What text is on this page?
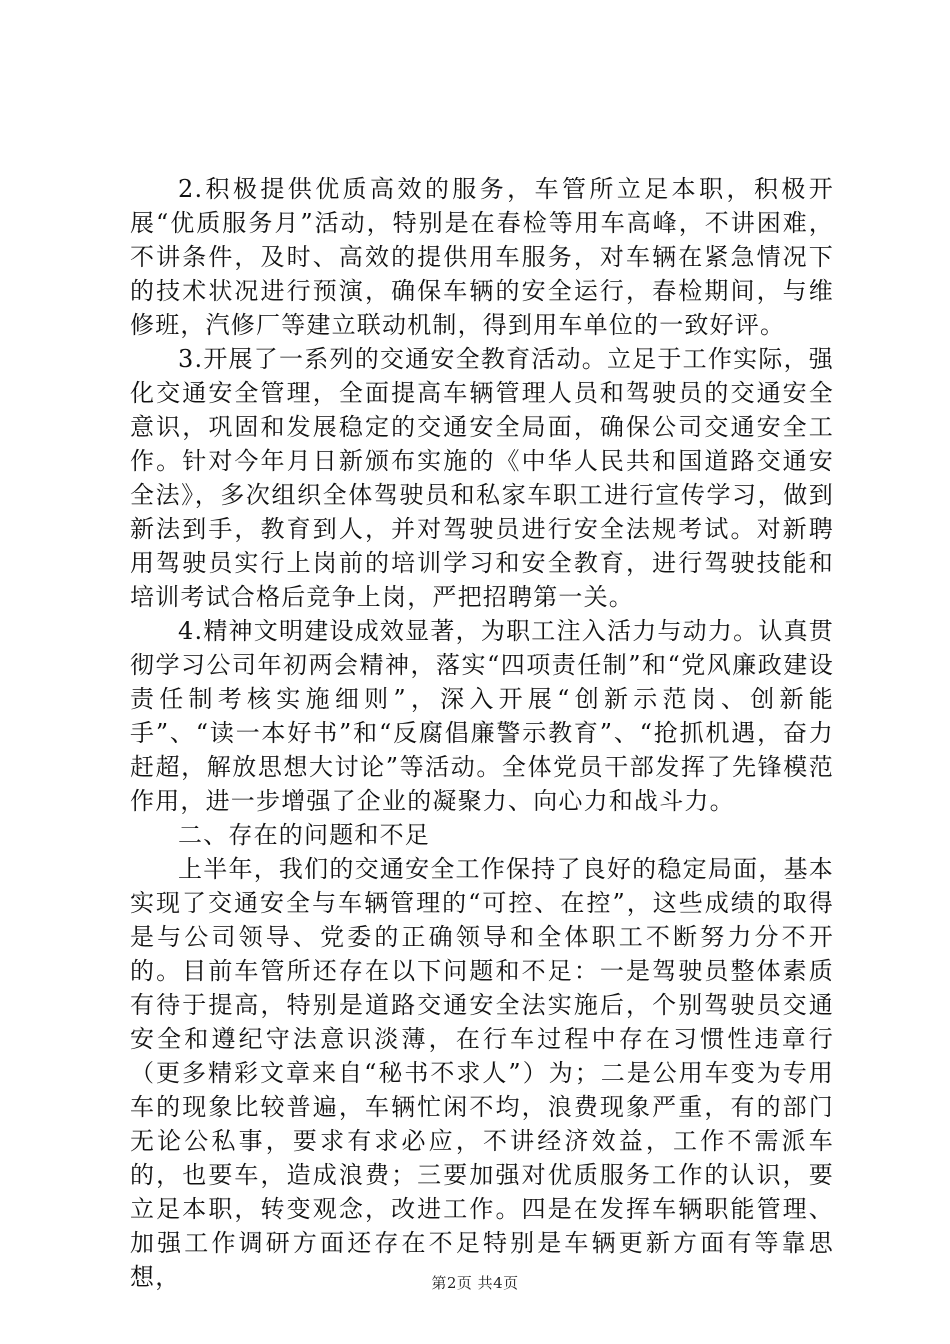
2.积极提供优质高效的服务，车管所立足本职，积极开展“优质服务月”活动，特别是在春检等用车高峰，不讲困难，不讲条件，及时、高效的提供用车服务，对车辆在紧急情况下的技术状况进行预演，确保车辆的安全运行，春检期间，与维修班，汽修厂等建立联动机制，得到用车单位的一致好评。

3.开展了一系列的交通安全教育活动。立足于工作实际，强化交通安全管理，全面提高车辆管理人员和驾驶员的交通安全意识，巩固和发展稳定的交通安全局面，确保公司交通安全工作。针对今年月日新颁布实施的《中华人民共和国道路交通安全法》，多次组织全体驾驶员和私家车职工进行宣传学习，做到新法到手，教育到人，并对驾驶员进行安全法规考试。对新聘用驾驶员实行上岗前的培训学习和安全教育，进行驾驶技能和培训考试合格后竞争上岗，严把招聘第一关。

4.精神文明建设成效显著，为职工注入活力与动力。认真贯彻学习公司年初两会精神，落实“四项责任制”和“党风廉政建设责任制考核实施细则”，深入开展“创新示范岗、创新能手”、“读一本好书”和“反腐倡廉警示教育”、“抢抓机遇，奋力赶超，解放思想大讨论”等活动。全体党员干部发挥了先锋模范作用，进一步增强了企业的凝聚力、向心力和战斗力。

二、存在的问题和不足

上半年，我们的交通安全工作保持了良好的稳定局面，基本实现了交通安全与车辆管理的“可控、在控”，这些成绩的取得是与公司领导、党委的正确领导和全体职工不断努力分不开的。目前车管所还存在以下问题和不足：一是驾驶员整体素质有待于提高，特别是道路交通安全法实施后，个别驾驶员交通安全和遵纪守法意识淡薄，在行车过程中存在习惯性违章行（更多精彩文章来自“秘书不求人”）为；二是公用车变为专用车的现象比较普遍，车辆忙闲不均，浪费现象严重，有的部门无论公私事，要求有求必应，不讲经济效益，工作不需派车的，也要车，造成浪费；三要加强对优质服务工作的认识，要立足本职，转变观念，改进工作。四是在发挥车辆职能管理、加强工作调研方面还存在不足特别是车辆更新方面有等靠思想，	第2页 共4页
